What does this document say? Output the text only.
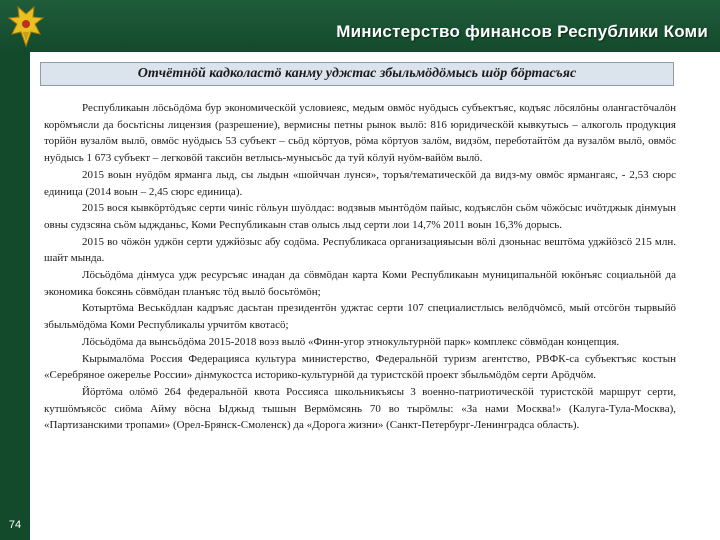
Министерство финансов Республики Коми
74
Отчётнӧй кадколастӧ канму уджтас збыльмӧдӧмысь шӧр бӧртасъяс

Республикаын лӧсьӧдӧма бур экономическӧй условиеяс, медым овмӧс нуӧдысь субъектъяс, кодъяс лӧсялӧны олангастӧчалӧн корӧмъясли да босьтісны лицензия (разрешение), вермисны петны рынок вылӧ: 816 юридическӧй кывкутысь – алкоголь продукция торйӧн вузалӧм вылӧ, овмӧс нуӧдысь 53 субъект – сьӧд кӧртуов, рӧма кӧртуов залӧм, видзӧм, переботайтӧм да вузалӧм вылӧ, овмӧс нуӧдысь 1 673 субъект – легковӧй таксиӧн ветлысь-мунысьӧс да туй кӧлуй нуӧм-вайӧм вылӧ.

2015 воын нуӧдӧм ярманга лыд, сы лыдын «шойччан лунся», торъя/тематическӧй да видз-му овмӧс ярмангаяс, - 2,53 сюрс единица (2014 воын – 2,45 сюрс единица).

2015 вося кывкӧртӧдъяс серти чинiс гӧльун шуӧлдас: водзвыв мынтӧдӧм пайыс, кодъяслӧн сьӧм чӧжӧсыс ичӧтджык дiнмуын овны судзсяна сьӧм ыджданьс, Коми Республикаын став олысь лыд серти лои 14,7% 2011 воын 16,3% дорысь.

2015 во чӧжӧн уджӧн серти уджйӧзыс абу содӧма. Республикаса организацияысын вӧлі дзоньнас вештӧма уджйӧзсӧ 215 млн. шайт мында.

Лӧсьӧдӧма дiнмуса удж ресурсъяс инадан да сӧвмӧдан карта Коми Республикаын муниципальнӧй юкӧнъяс социальнӧй да экономика боксянь сӧвмӧдан планъяс тӧд вылӧ босьтӧмӧн;

Котыртӧма Веськӧдлан кадръяс дасьтан президентӧн уджтас серти 107 специалистлысь велӧдчӧмсӧ, мый отсӧгӧн тырвыйӧ збыльмӧдӧма Коми Республикалы урчитӧм квотасӧ;

Лӧсьӧдӧма да вынсьӧдӧма 2015-2018 воэз вылӧ «Финн-угор этнокультурнӧй парк» комплекс сӧвмӧдан концепция.

Кырымалӧма Россия Федерацияса культура министерство, Федеральнӧй туризм агентство, РВФК-са субъектъяс костын «Серебряное ожерелье России» дiнмукостса историко-культурнӧй да туристскӧй проект збыльмӧдӧм серти Арӧдчӧм.

Йӧртӧма олӧмӧ 264 федеральнӧй квота Россияса школьникъясы 3 военно-патриотическӧй туристскӧй маршрут серти, кутшӧмъясӧс сиӧма Айму вӧсна Ыджыд тышын Вермӧмсянь 70 во тырӧмлы: «За нами Москва!» (Калуга-Тула-Москва), «Партизанскими тропами» (Орел-Брянск-Смоленск) да «Дорога жизни» (Санкт-Петербург-Ленинградса область).
